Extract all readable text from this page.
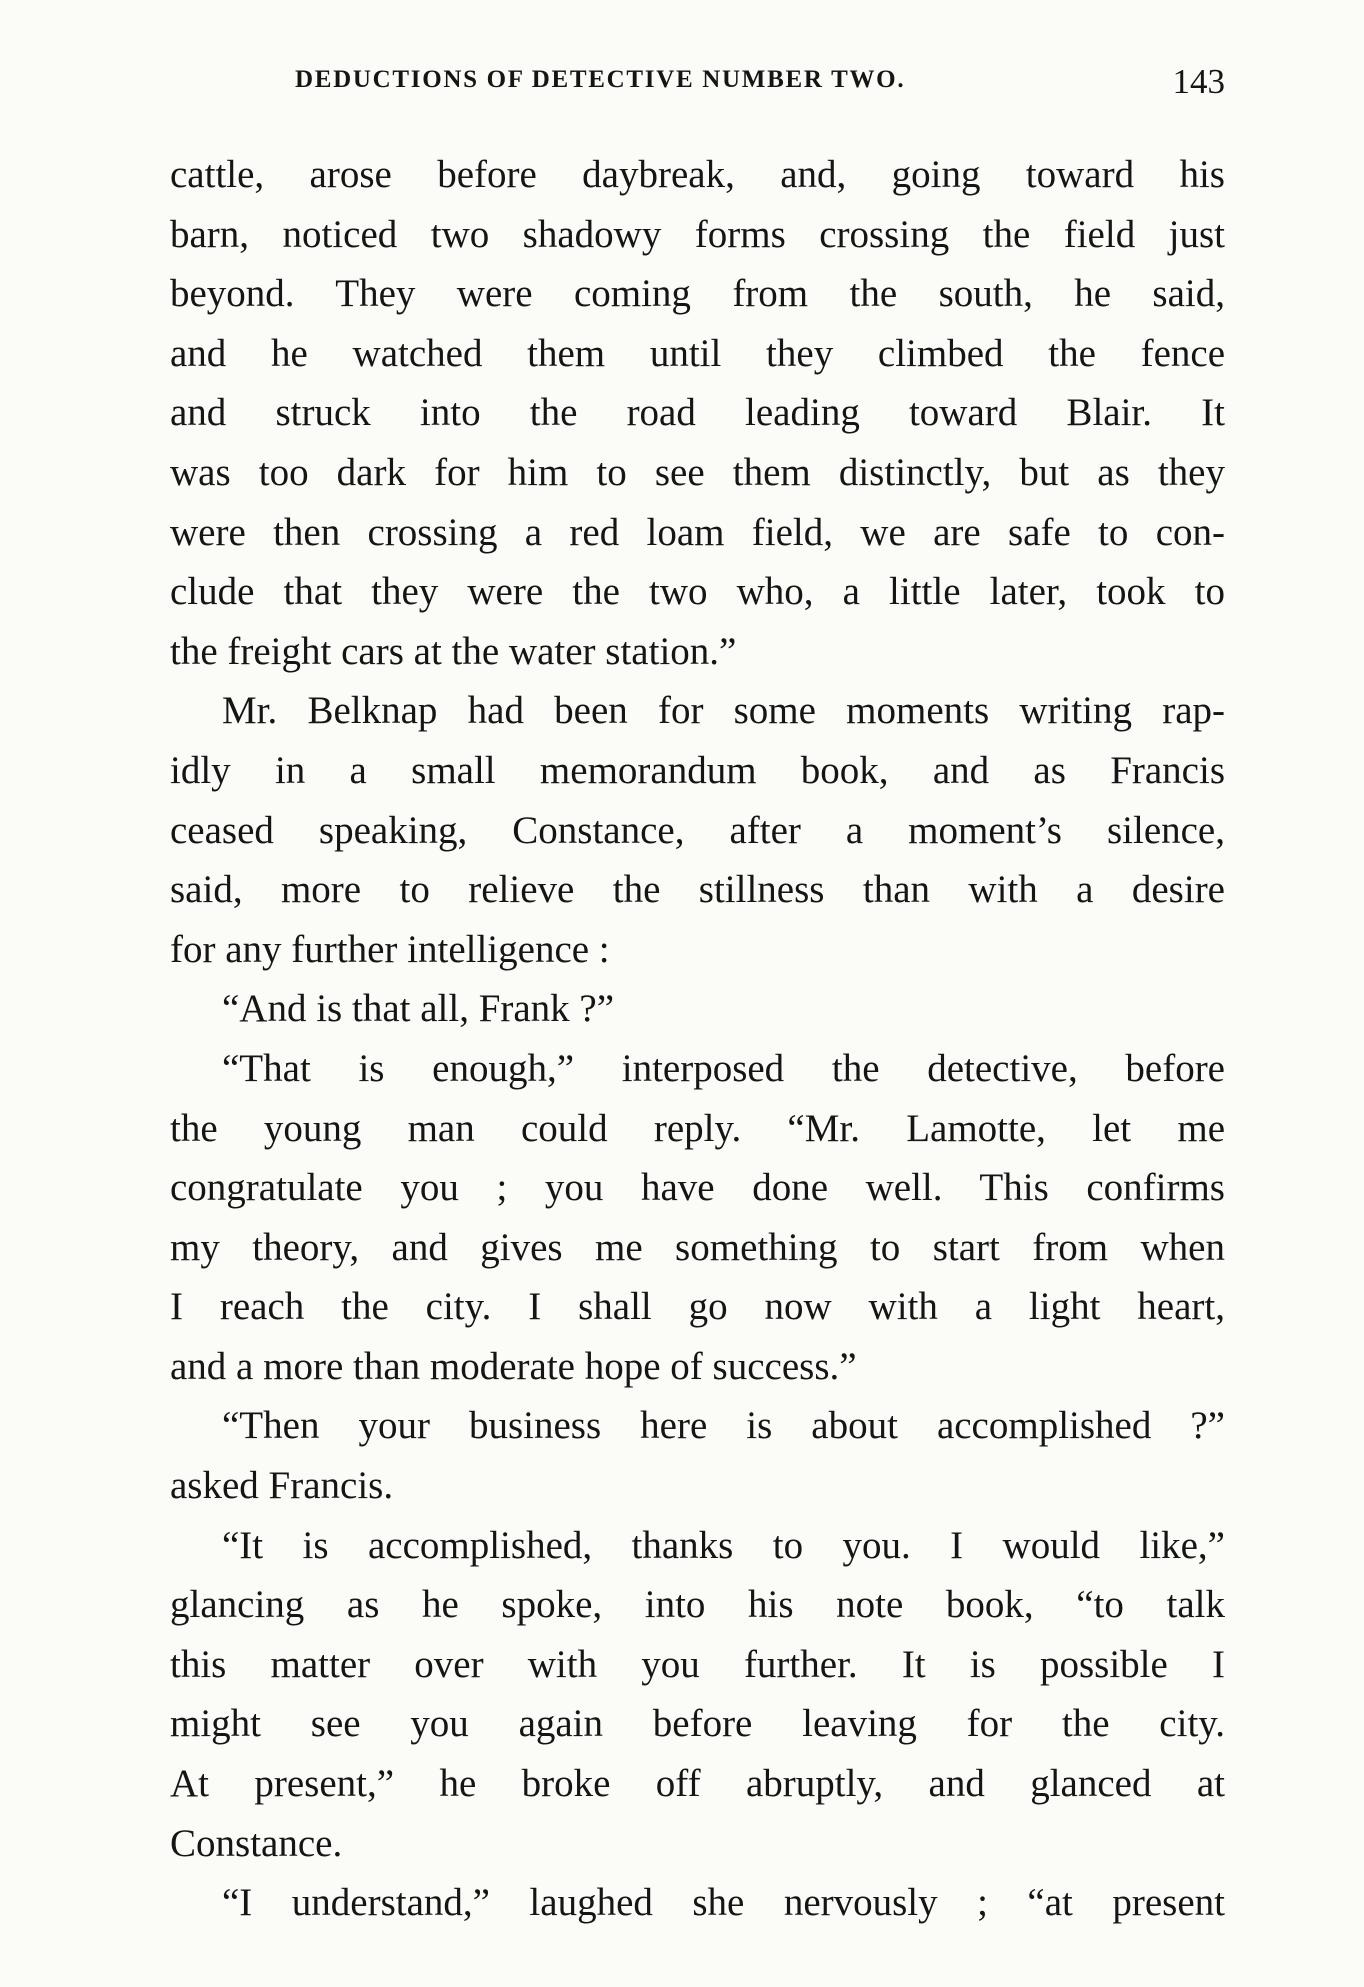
DEDUCTIONS OF DETECTIVE NUMBER TWO.	143
cattle, arose before daybreak, and, going toward his
barn, noticed two shadowy forms crossing the field just
beyond. They were coming from the south, he said,
and he watched them until they climbed the fence
and struck into the road leading toward Blair. It
was too dark for him to see them distinctly, but as they
were then crossing a red loam field, we are safe to con-
clude that they were the two who, a little later, took to
the freight cars at the water station.”
Mr. Belknap had been for some moments writing rap-
idly in a small memorandum book, and as Francis
ceased speaking, Constance, after a moment’s silence,
said, more to relieve the stillness than with a desire
for any further intelligence :
“And is that all, Frank ?”
“That is enough,” interposed the detective, before
the young man could reply. “Mr. Lamotte, let me
congratulate you ; you have done well. This confirms
my theory, and gives me something to start from when
I reach the city. I shall go now with a light heart,
and a more than moderate hope of success.”
“Then your business here is about accomplished ?”
asked Francis.
“It is accomplished, thanks to you. I would like,”
glancing as he spoke, into his note book, “to talk
this matter over with you further. It is possible I
might see you again before leaving for the city.
At present,” he broke off abruptly, and glanced at
Constance.
“I understand,” laughed she nervously ; “at present
